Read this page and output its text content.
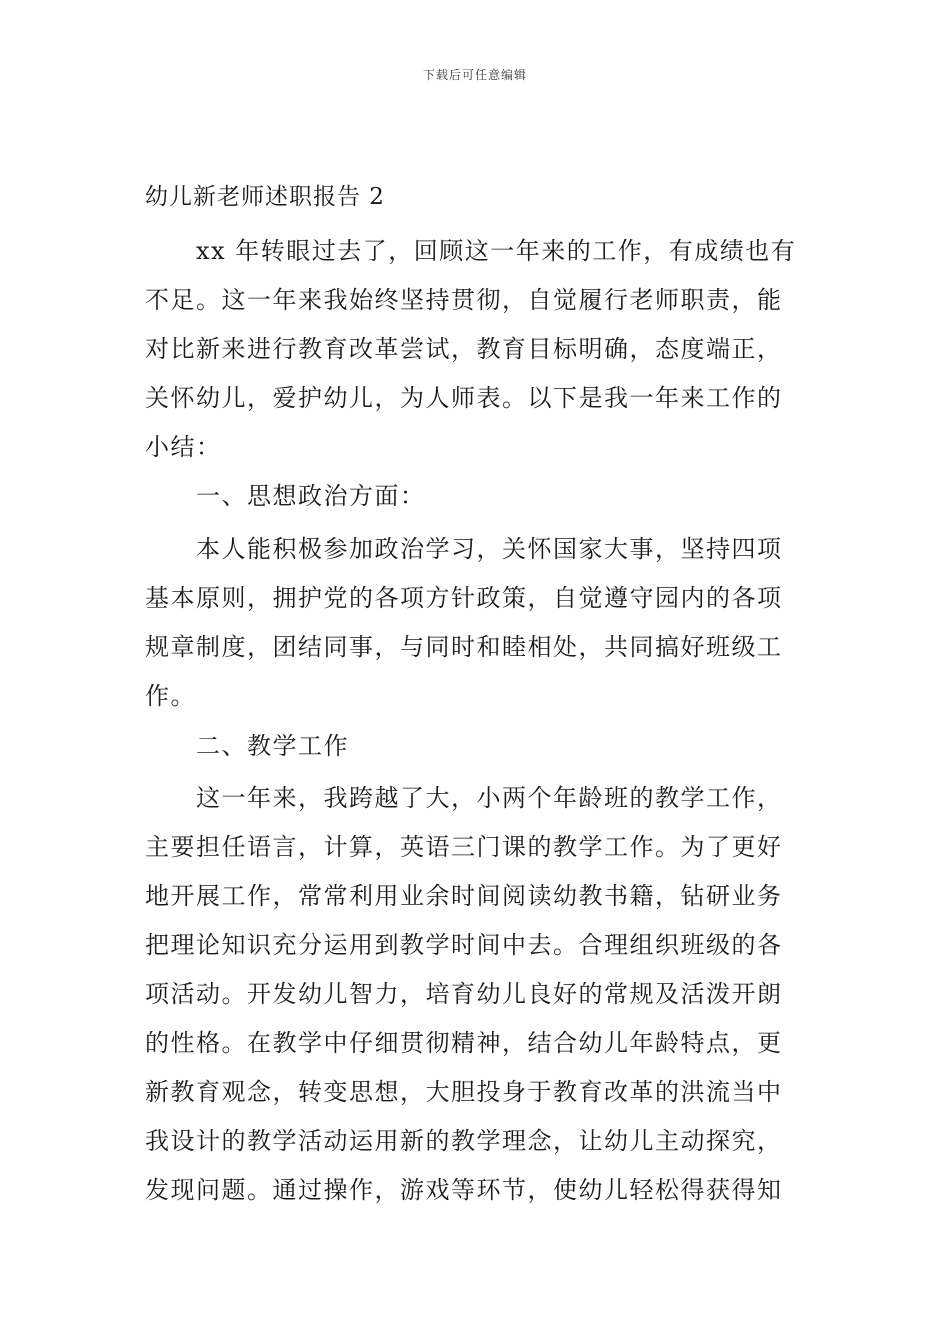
下载后可任意编辑
幼儿新老师述职报告 2
　　xx 年转眼过去了，回顾这一年来的工作，有成绩也有
不足。这一年来我始终坚持贯彻，自觉履行老师职责，能
对比新来进行教育改革尝试，教育目标明确，态度端正，
关怀幼儿，爱护幼儿，为人师表。以下是我一年来工作的
小结：
　　一、思想政治方面：
　　本人能积极参加政治学习，关怀国家大事，坚持四项
基本原则，拥护党的各项方针政策，自觉遵守园内的各项
规章制度，团结同事，与同时和睦相处，共同搞好班级工
作。
　　二、教学工作
　　这一年来，我跨越了大，小两个年龄班的教学工作，
主要担任语言，计算，英语三门课的教学工作。为了更好
地开展工作，常常利用业余时间阅读幼教书籍，钻研业务
把理论知识充分运用到教学时间中去。合理组织班级的各
项活动。开发幼儿智力，培育幼儿良好的常规及活泼开朗
的性格。在教学中仔细贯彻精神，结合幼儿年龄特点，更
新教育观念，转变思想，大胆投身于教育改革的洪流当中
我设计的教学活动运用新的教学理念，让幼儿主动探究，
发现问题。通过操作，游戏等环节，使幼儿轻松得获得知
